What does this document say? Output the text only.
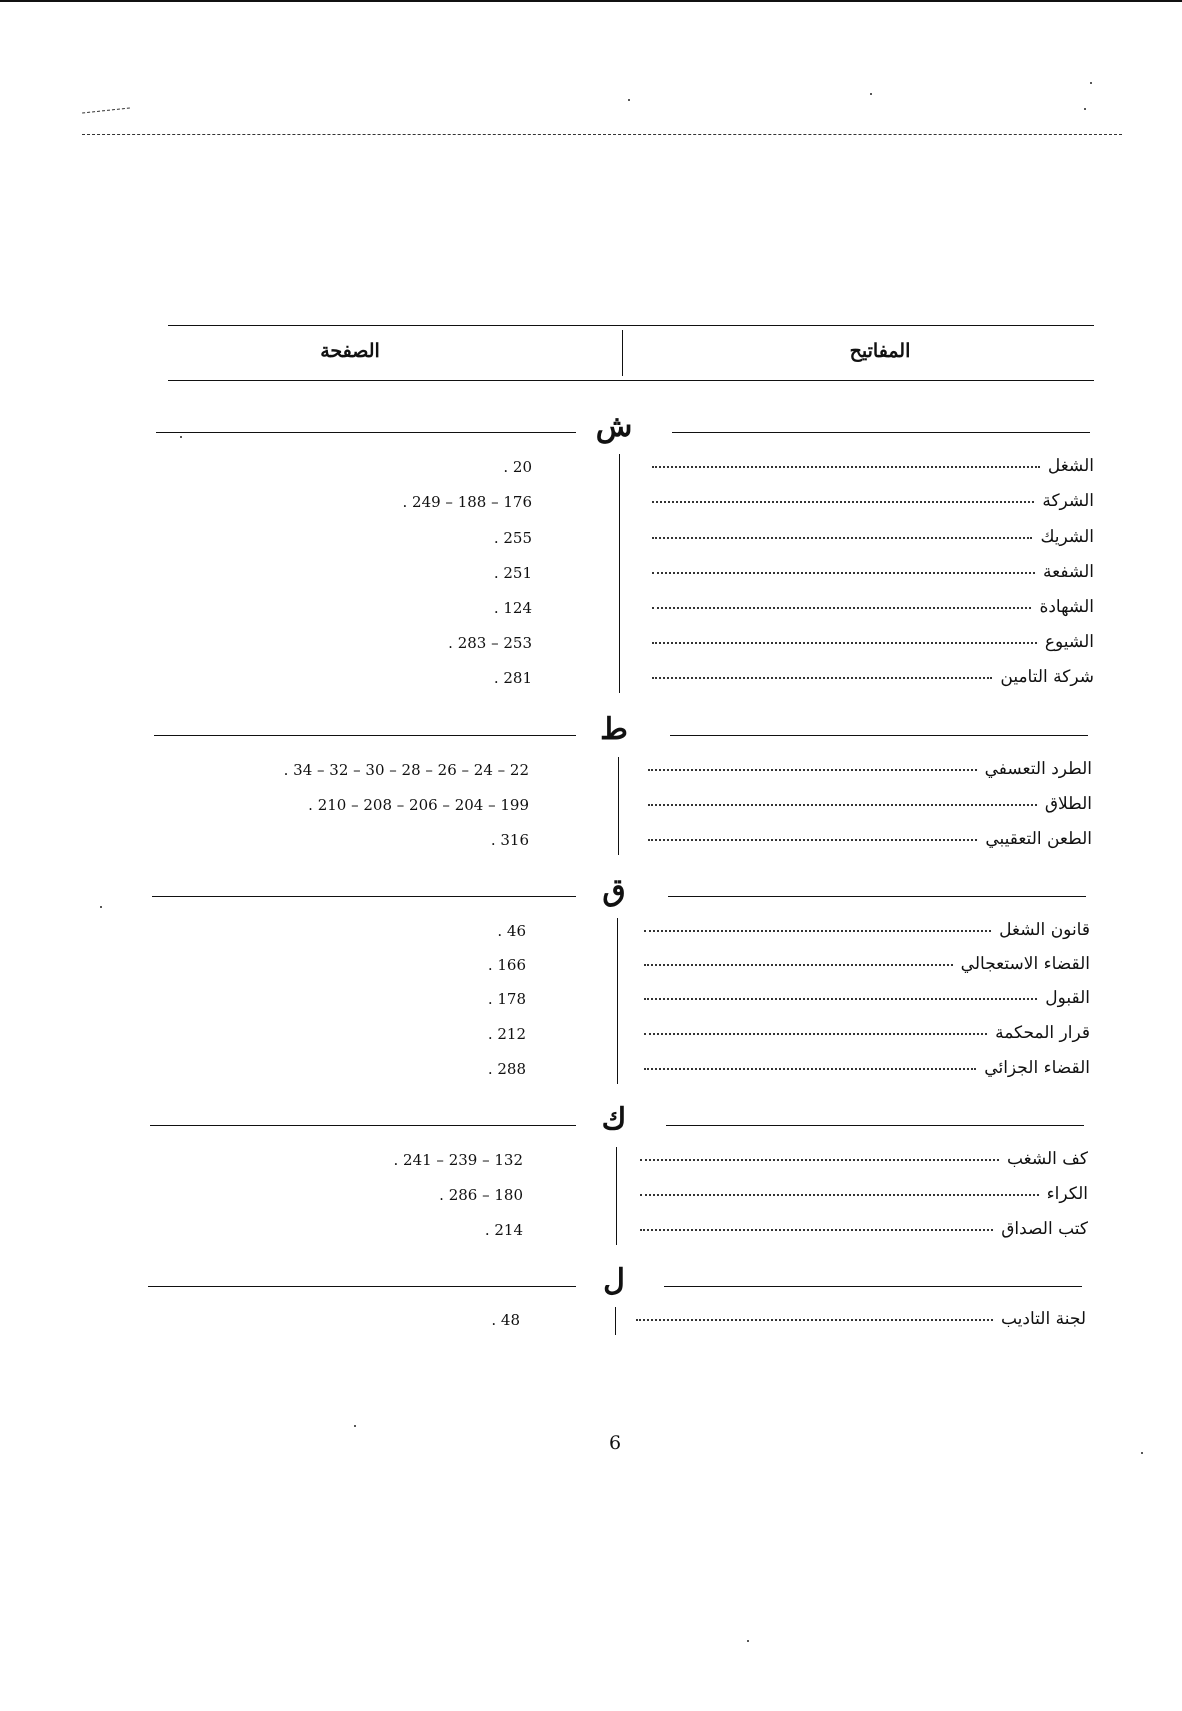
المفاتيح
الصفحة
ش
الشغل
. 20
الشركة
. 249 – 188 – 176
الشريك
. 255
الشفعة
. 251
الشهادة
. 124
الشيوع
. 283 – 253
شركة التامين
. 281
ط
الطرد التعسفي
. 34 – 32 – 30 – 28 – 26 – 24 – 22
الطلاق
. 210 – 208 – 206 – 204 – 199
الطعن التعقيبي
. 316
ق
قانون الشغل
. 46
القضاء الاستعجالي
. 166
القبول
. 178
قرار المحكمة
. 212
القضاء الجزائي
. 288
ك
كف الشغب
. 241 – 239 – 132
الكراء
. 286 – 180
كتب الصداق
. 214
ل
لجنة التاديب
. 48
6
